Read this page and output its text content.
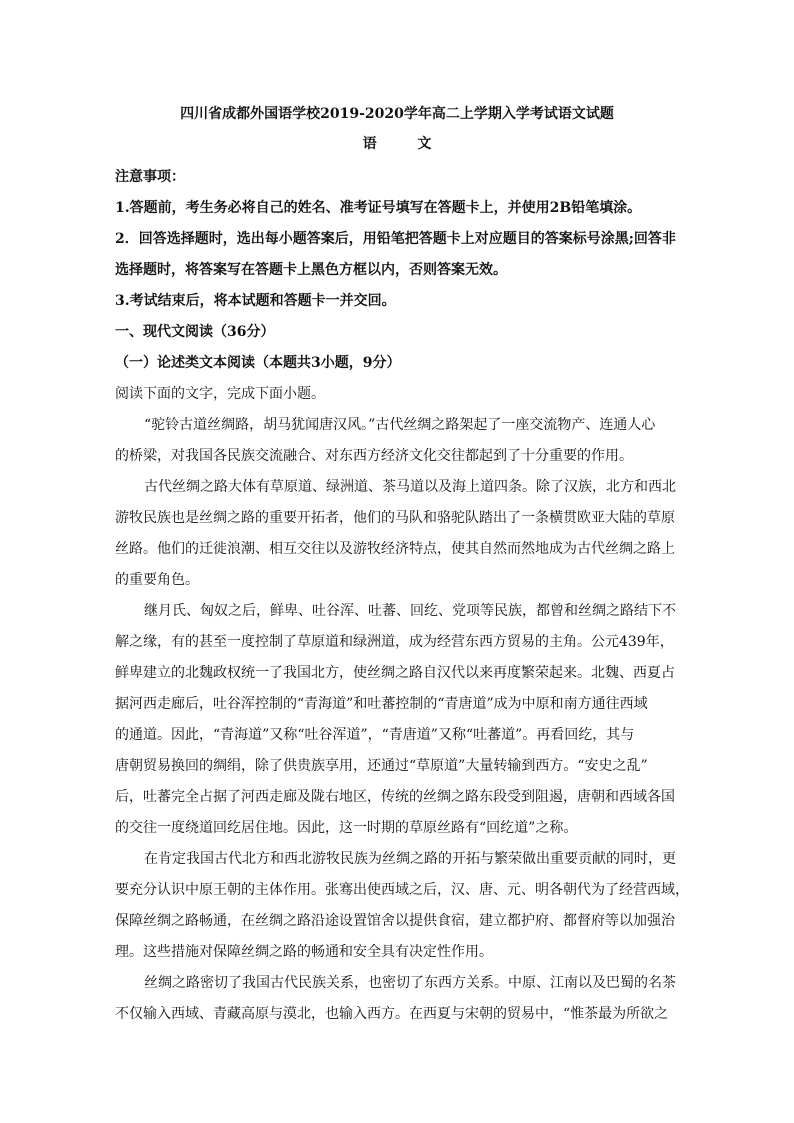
四川省成都外国语学校2019-2020学年高二上学期入学考试语文试题
语 文
注意事项：
1.答题前，考生务必将自己的姓名、准考证号填写在答题卡上，并使用2B铅笔填涂。
2．回答选择题时，选出每小题答案后，用铅笔把答题卡上对应题目的答案标号涂黑;回答非
选择题时，将答案写在答题卡上黑色方框以内，否则答案无效。
3.考试结束后，将本试题和答题卡一并交回。
一、现代文阅读（36分）
（一）论述类文本阅读（本题共3小题，9分）
阅读下面的文字，完成下面小题。
“驼铃古道丝绸路，胡马犹闻唐汉风。”古代丝绸之路架起了一座交流物产、连通人心
的桥梁，对我国各民族交流融合、对东西方经济文化交往都起到了十分重要的作用。
古代丝绸之路大体有草原道、绿洲道、茶马道以及海上道四条。除了汉族，北方和西北
游牧民族也是丝绸之路的重要开拓者，他们的马队和骆驼队踏出了一条横贯欧亚大陆的草原
丝路。他们的迁徙浪潮、相互交往以及游牧经济特点，使其自然而然地成为古代丝绸之路上
的重要角色。
继月氏、匈奴之后，鲜卑、吐谷浑、吐蕃、回纥、党项等民族，都曾和丝绸之路结下不
解之缘，有的甚至一度控制了草原道和绿洲道，成为经营东西方贸易的主角。公元439年，
鲜卑建立的北魏政权统一了我国北方，使丝绸之路自汉代以来再度繁荣起来。北魏、西夏占
据河西走廊后，吐谷浑控制的“青海道”和吐蕃控制的“青唐道”成为中原和南方通往西域
的通道。因此，“青海道”又称“吐谷浑道”，“青唐道”又称“吐蕃道”。再看回纥，其与
唐朝贸易换回的绸绢，除了供贵族享用，还通过“草原道”大量转输到西方。“安史之乱”
后，吐蕃完全占据了河西走廊及陇右地区，传统的丝绸之路东段受到阻遏，唐朝和西域各国
的交往一度绕道回纥居住地。因此，这一时期的草原丝路有“回纥道”之称。
在肯定我国古代北方和西北游牧民族为丝绸之路的开拓与繁荣做出重要贡献的同时，更
要充分认识中原王朝的主体作用。张骞出使西域之后，汉、唐、元、明各朝代为了经营西域，
保障丝绸之路畅通，在丝绸之路沿途设置馆舍以提供食宿，建立都护府、都督府等以加强治
理。这些措施对保障丝绸之路的畅通和安全具有决定性作用。
丝绸之路密切了我国古代民族关系，也密切了东西方关系。中原、江南以及巴蜀的名茶
不仅输入西域、青藏高原与漠北，也输入西方。在西夏与宋朝的贸易中，“惟茶最为所欲之
